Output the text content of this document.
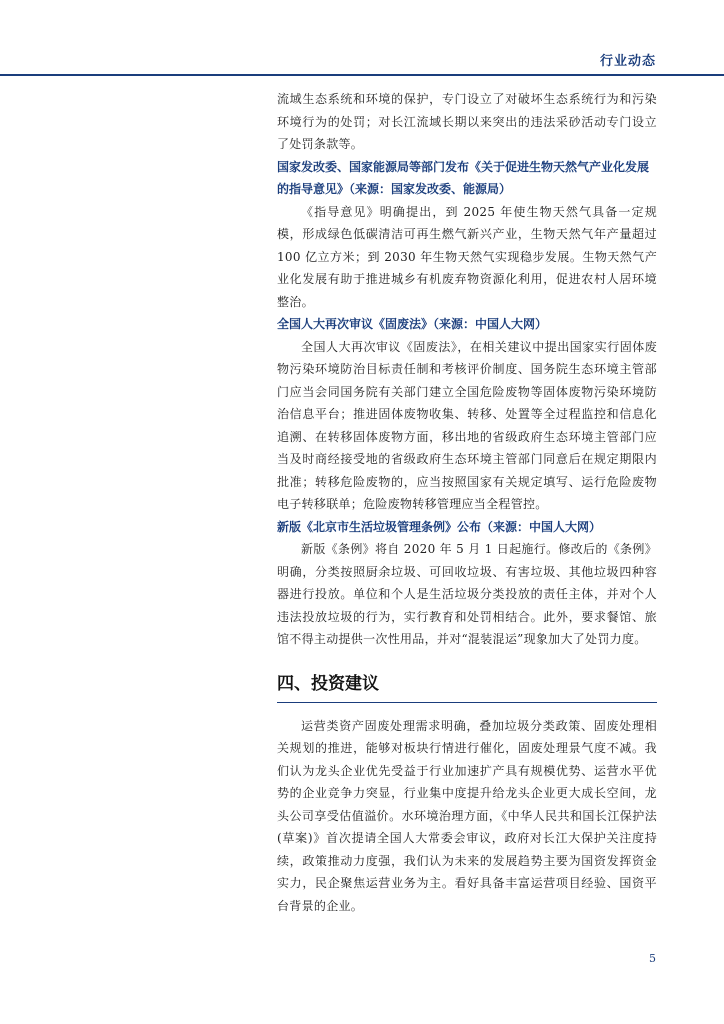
行业动态

流域生态系统和环境的保护，专门设立了对破坏生态系统行为和污染环境行为的处罚；对长江流域长期以来突出的违法采砂活动专门设立了处罚条款等。

国家发改委、国家能源局等部门发布《关于促进生物天然气产业化发展的指导意见》（来源：国家发改委、能源局）

《指导意见》明确提出，到 2025 年使生物天然气具备一定规模，形成绿色低碳清洁可再生燃气新兴产业，生物天然气年产量超过 100 亿立方米；到 2030 年生物天然气实现稳步发展。生物天然气产业化发展有助于推进城乡有机废弃物资源化利用，促进农村人居环境整治。

全国人大再次审议《固废法》（来源：中国人大网）

全国人大再次审议《固废法》，在相关建议中提出国家实行固体废物污染环境防治目标责任制和考核评价制度、国务院生态环境主管部门应当会同国务院有关部门建立全国危险废物等固体废物污染环境防治信息平台；推进固体废物收集、转移、处置等全过程监控和信息化追溯、在转移固体废物方面，移出地的省级政府生态环境主管部门应当及时商经接受地的省级政府生态环境主管部门同意后在规定期限内批准；转移危险废物的，应当按照国家有关规定填写、运行危险废物电子转移联单；危险废物转移管理应当全程管控。

新版《北京市生活垃圾管理条例》公布（来源：中国人大网）

新版《条例》将自 2020 年 5 月 1 日起施行。修改后的《条例》明确，分类按照厨余垃圾、可回收垃圾、有害垃圾、其他垃圾四种容器进行投放。单位和个人是生活垃圾分类投放的责任主体，并对个人违法投放垃圾的行为，实行教育和处罚相结合。此外，要求餐馆、旅馆不得主动提供一次性用品，并对“混装混运”现象加大了处罚力度。

四、投资建议

运营类资产固废处理需求明确，叠加垃圾分类政策、固废处理相关规划的推进，能够对板块行情进行催化，固废处理景气度不减。我们认为龙头企业优先受益于行业加速扩产具有规模优势、运营水平优势的企业竞争力突显，行业集中度提升给龙头企业更大成长空间，龙头公司享受估值溢价。水环境治理方面，《中华人民共和国长江保护法(草案)》首次提请全国人大常委会审议，政府对长江大保护关注度持续，政策推动力度强，我们认为未来的发展趋势主要为国资发挥资金实力，民企聚焦运营业务为主。看好具备丰富运营项目经验、国资平台背景的企业。

5
